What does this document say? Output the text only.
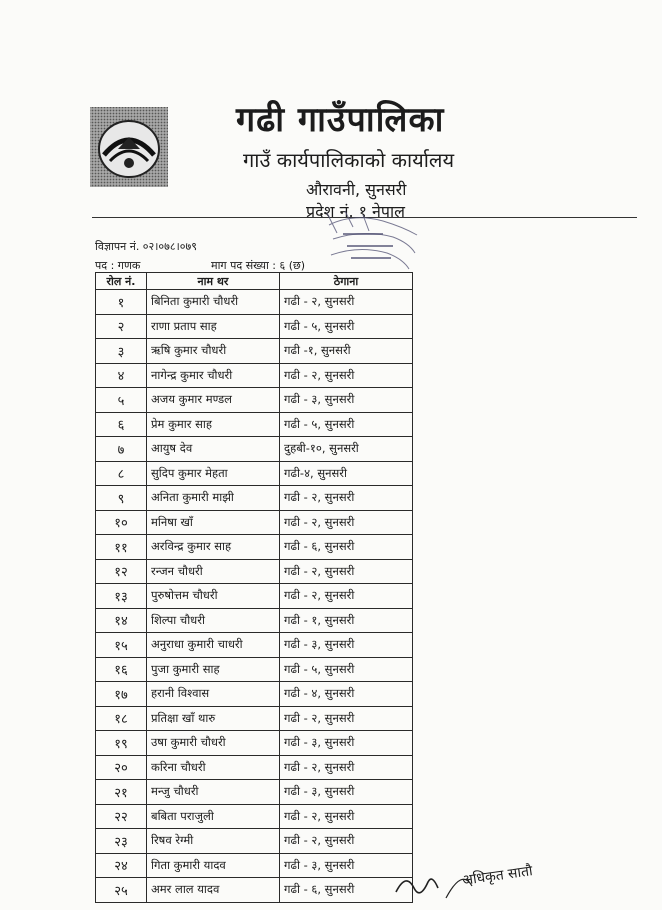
गढी गाउँपालिका
गाउँ कार्यपालिकाको कार्यालय
औरावनी, सुनसरी
प्रदेश नं. १ नेपाल
विज्ञापन नं. ०२।०७८।०७९
पद : गणक	माग पद संख्या : ६ (छ)
रोल नं.	नाम थर	ठेगाना
१	बिनिता कुमारी चौधरी	गढी - २, सुनसरी
२	राणा प्रताप साह	गढी - ५, सुनसरी
३	ऋषि कुमार चौधरी	गढी -१, सुनसरी
४	नागेन्द्र कुमार चौधरी	गढी - २, सुनसरी
५	अजय कुमार मण्डल	गढी - ३, सुनसरी
६	प्रेम कुमार साह	गढी - ५, सुनसरी
७	आयुष देव	दुहबी-१०, सुनसरी
८	सुदिप कुमार मेहता	गढी-४, सुनसरी
९	अनिता कुमारी माझी	गढी - २, सुनसरी
१०	मनिषा खाँ	गढी - २, सुनसरी
११	अरविन्द्र कुमार साह	गढी - ६, सुनसरी
१२	रन्जन चौधरी	गढी - २, सुनसरी
१३	पुरुषोत्तम चौधरी	गढी - २, सुनसरी
१४	शिल्पा चौधरी	गढी - १, सुनसरी
१५	अनुराधा कुमारी चाधरी	गढी - ३, सुनसरी
१६	पुजा कुमारी साह	गढी - ५, सुनसरी
१७	हरानी विश्वास	गढी - ४, सुनसरी
१८	प्रतिक्षा खाँ थारु	गढी - २, सुनसरी
१९	उषा कुमारी चौधरी	गढी - ३, सुनसरी
२०	करिना चौधरी	गढी - २, सुनसरी
२१	मन्जु चौधरी	गढी - ३, सुनसरी
२२	बबिता पराजुली	गढी - २, सुनसरी
२३	रिषव रेग्मी	गढी - २, सुनसरी
२४	गिता कुमारी यादव	गढी - ३, सुनसरी
२५	अमर लाल यादव	गढी - ६, सुनसरी
अधिकृत सातौ
